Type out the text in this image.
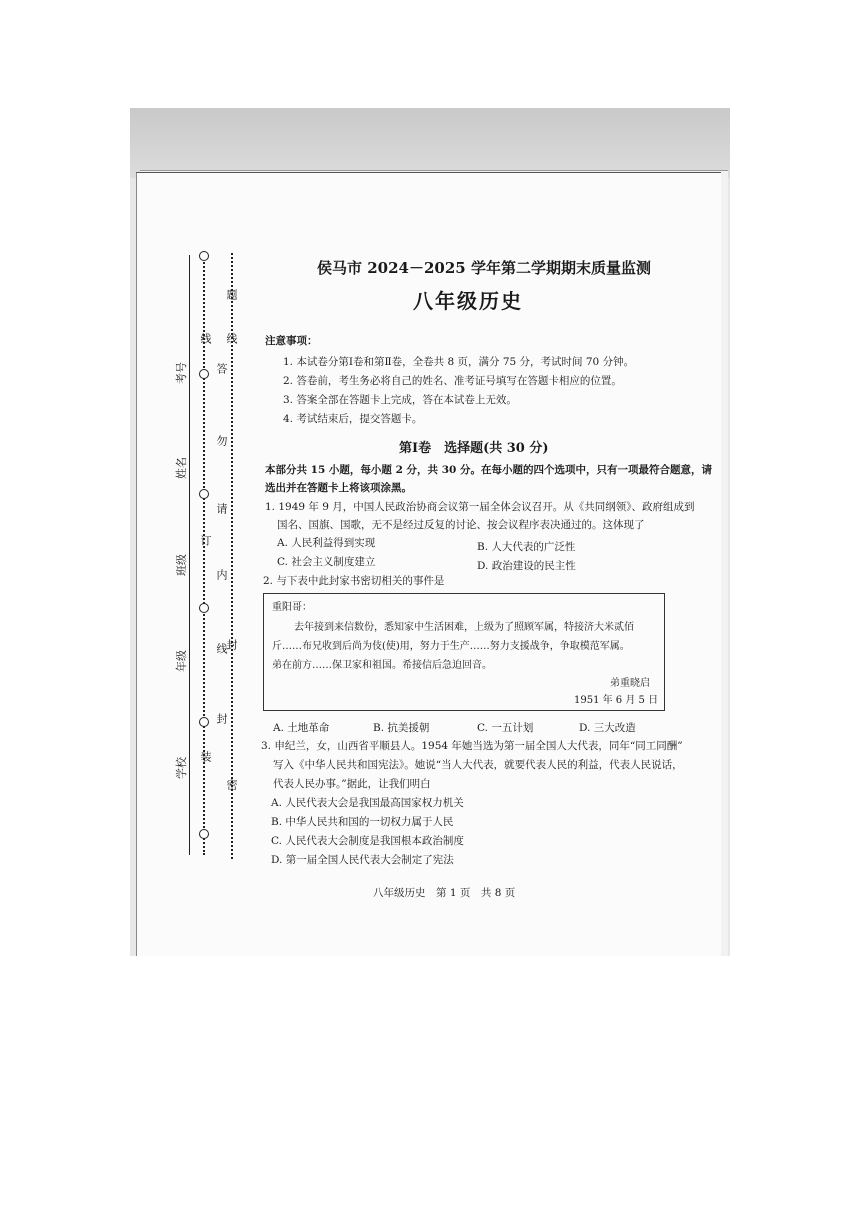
考号
姓名
班级
年级
学校 装
订
线
封
线
内
请
勿
答
密
封
线
题
侯马市 2024－2025 学年第二学期期末质量监测
八年级历史
注意事项：
1. 本试卷分第Ⅰ卷和第Ⅱ卷，全卷共 8 页，满分 75 分，考试时间 70 分钟。
2. 答卷前，考生务必将自己的姓名、准考证号填写在答题卡相应的位置。
3. 答案全部在答题卡上完成，答在本试卷上无效。
4. 考试结束后，提交答题卡。
第Ⅰ卷　选择题(共 30 分)
本部分共 15 小题，每小题 2 分，共 30 分。在每小题的四个选项中，只有一项最符合题意，请
选出并在答题卡上将该项涂黑。
1. 1949 年 9 月，中国人民政治协商会议第一届全体会议召开。从《共同纲领》、政府组成到
国名、国旗、国歌，无不是经过反复的讨论、按会议程序表决通过的。这体现了
A. 人民利益得到实现	B. 人大代表的广泛性
C. 社会主义制度建立	D. 政治建设的民主性
2. 与下表中此封家书密切相关的事件是
重阳哥：
去年接到来信数份，悉知家中生活困难，上级为了照顾军属，特接济大米贰佰
斤……布兄收到后尚为伎(使)用，努力于生产……努力支援战争，争取模范军属。
弟在前方……保卫家和祖国。希接信后急迫回音。
弟重晓启
1951 年 6 月 5 日
A. 土地革命	B. 抗美援朝	C. 一五计划	D. 三大改造
3. 申纪兰，女，山西省平顺县人。1954 年她当选为第一届全国人大代表，同年“同工同酬”
写入《中华人民共和国宪法》。她说“当人大代表，就要代表人民的利益，代表人民说话，
代表人民办事。”据此，让我们明白
A. 人民代表大会是我国最高国家权力机关
B. 中华人民共和国的一切权力属于人民
C. 人民代表大会制度是我国根本政治制度
D. 第一届全国人民代表大会制定了宪法
八年级历史　第 1 页　共 8 页
